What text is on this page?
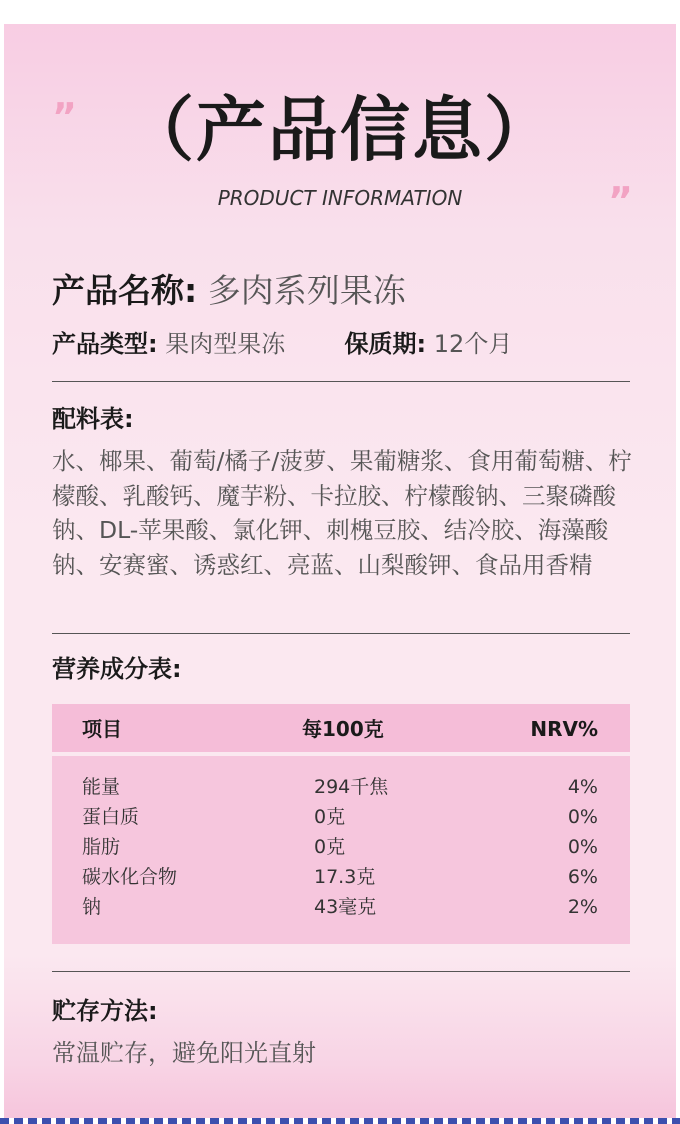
”
”
（产品信息）
PRODUCT INFORMATION
产品名称: 多肉系列果冻
产品类型: 果肉型果冻 保质期: 12个月
配料表:
水、椰果、葡萄/橘子/菠萝、果葡糖浆、食用葡萄糖、柠檬酸、乳酸钙、魔芋粉、卡拉胶、柠檬酸钠、三聚磷酸钠、DL-苹果酸、氯化钾、刺槐豆胶、结冷胶、海藻酸钠、安赛蜜、诱惑红、亮蓝、山梨酸钾、食品用香精
营养成分表:
项目	每100克	NRV%
能量	294千焦	4%
蛋白质	0克	0%
脂肪	0克	0%
碳水化合物	17.3克	6%
钠	43毫克	2%
贮存方法:
常温贮存，避免阳光直射
